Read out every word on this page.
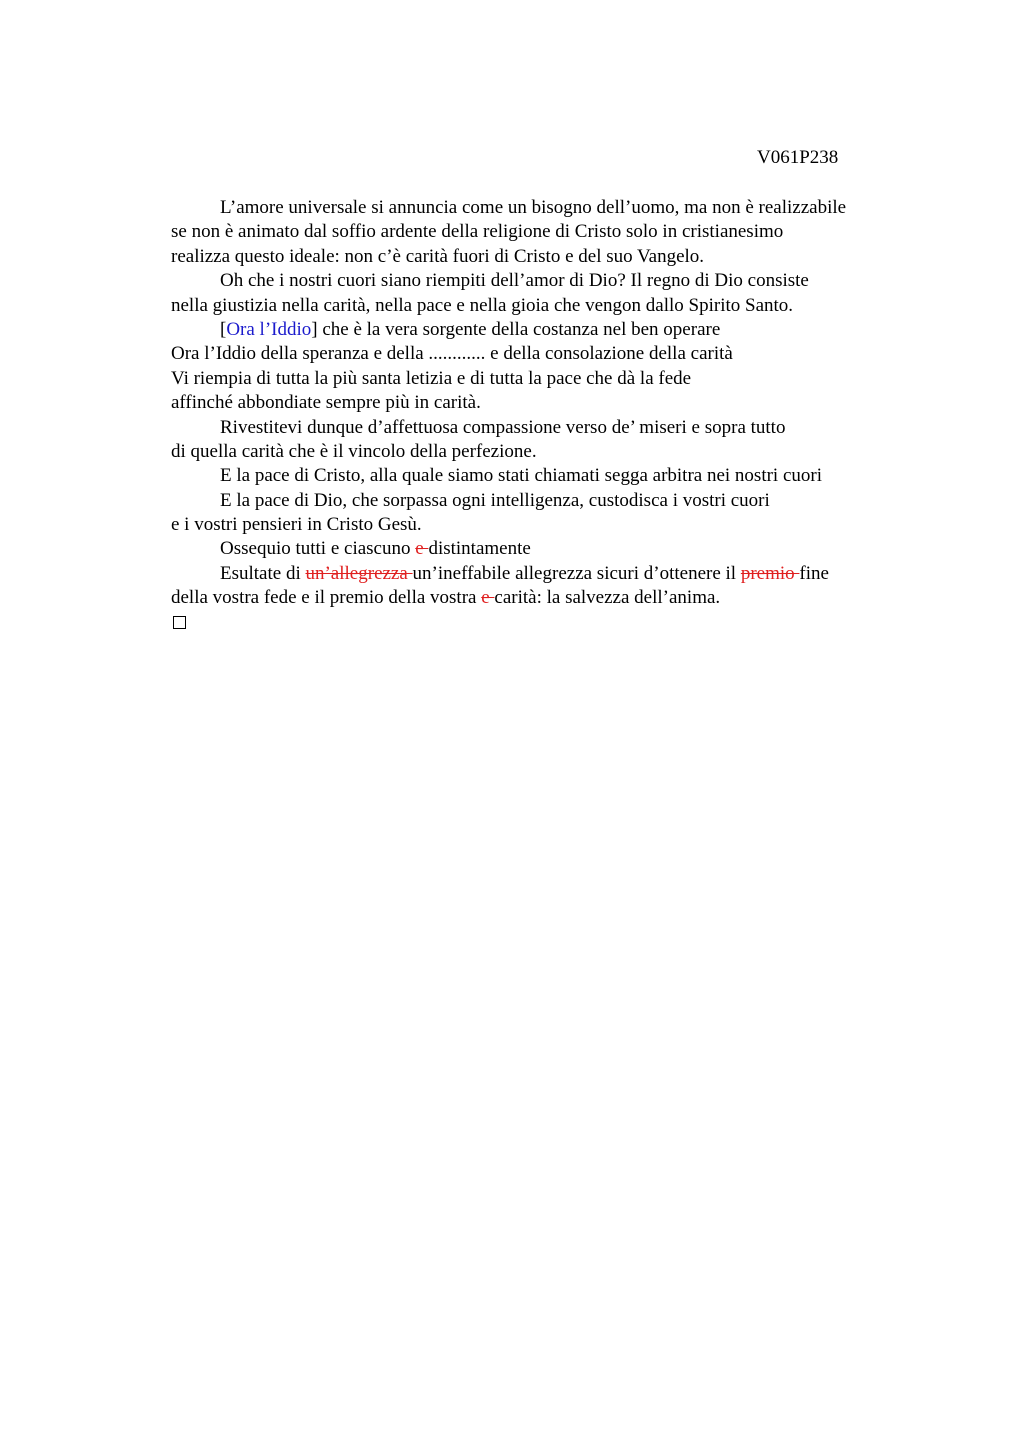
V061P238
L’amore universale si annuncia come un bisogno dell’uomo, ma non è realizzabile
se non è animato dal soffio ardente della religione di Cristo solo in cristianesimo
realizza questo ideale: non c’è carità fuori di Cristo e del suo Vangelo.
Oh che i nostri cuori siano riempiti dell’amor di Dio? Il regno di Dio consiste
nella giustizia nella carità, nella pace e nella gioia che vengon dallo Spirito Santo.
[Ora l’Iddio] che è la vera sorgente della costanza nel ben operare
Ora l’Iddio della speranza e della ............ e della consolazione della carità
Vi riempia di tutta la più santa letizia e di tutta la pace che dà la fede
affinché abbondiate sempre più in carità.
Rivestitevi dunque d’affettuosa compassione verso de’ miseri e sopra tutto
di quella carità che è il vincolo della perfezione.
E la pace di Cristo, alla quale siamo stati chiamati segga arbitra nei nostri cuori
E la pace di Dio, che sorpassa ogni intelligenza, custodisca i vostri cuori
e i vostri pensieri in Cristo Gesù.
Ossequio tutti e ciascuno e distintamente
Esultate di un’allegrezza un’ineffabile allegrezza sicuri d’ottenere il premio fine
della vostra fede e il premio della vostra e carità: la salvezza dell’anima.
